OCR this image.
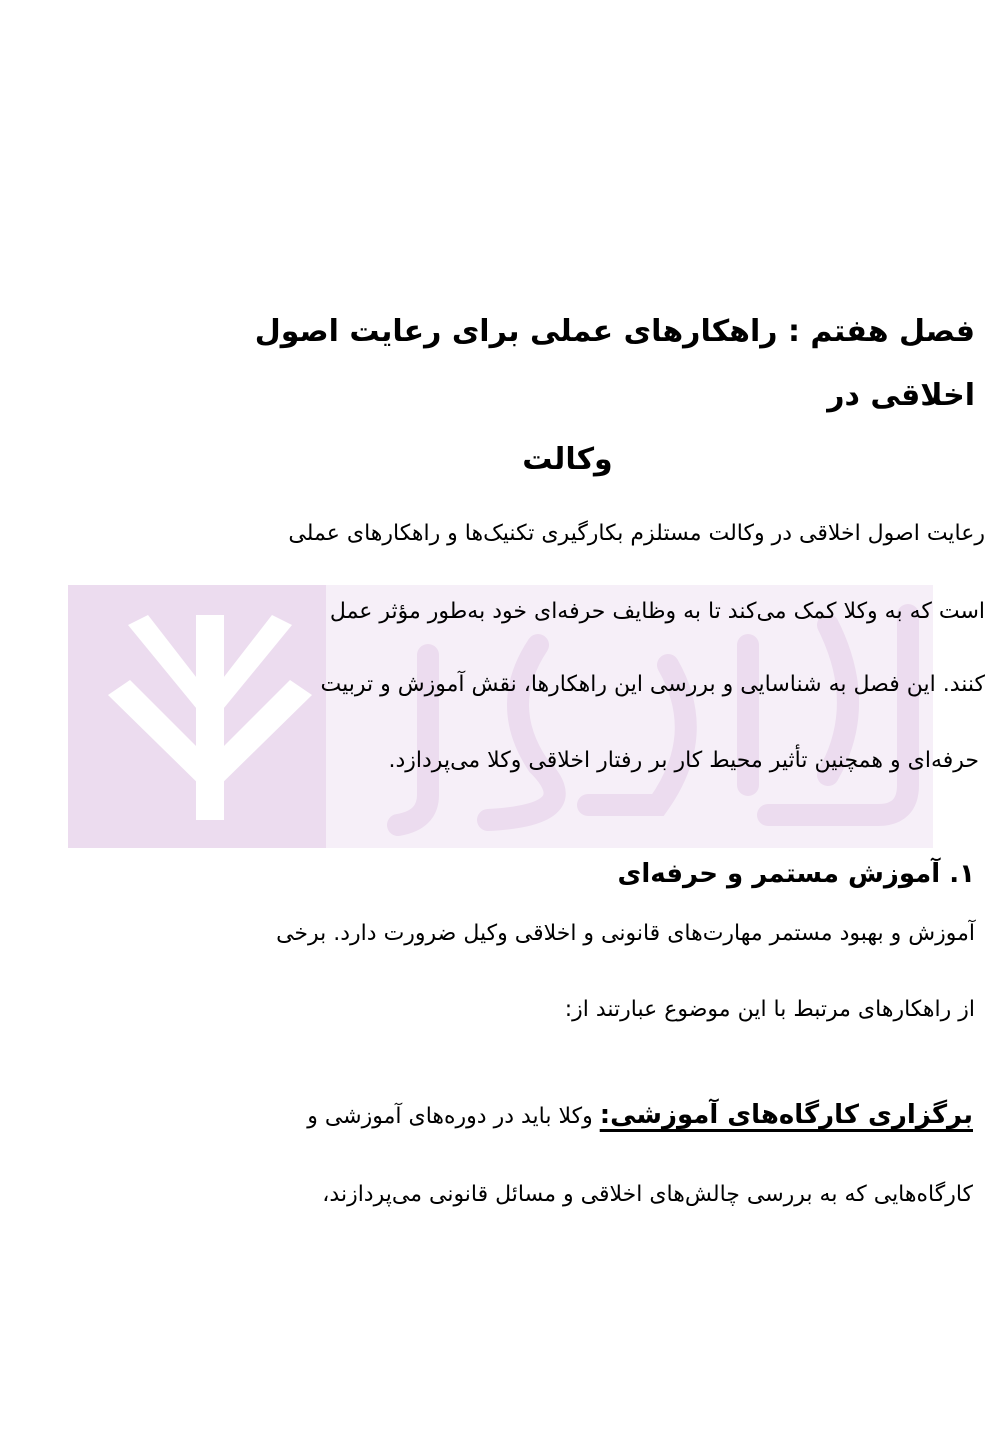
فصل هفتم : راهکارهای عملی برای رعایت اصول اخلاقی در
وکالت

رعایت اصول اخلاقی در وکالت مستلزم بکارگیری تکنیک‌ها و راهکارهای عملی

است که به وکلا کمک می‌کند تا به وظایف حرفه‌ای خود به‌طور مؤثر عمل

کنند. این فصل به شناسایی و بررسی این راهکارها، نقش آموزش و تربیت

حرفه‌ای و همچنین تأثیر محیط کار بر رفتار اخلاقی وکلا می‌پردازد.

۱. آموزش مستمر و حرفه‌ای

آموزش و بهبود مستمر مهارت‌های قانونی و اخلاقی وکیل ضرورت دارد. برخی

از راهکارهای مرتبط با این موضوع عبارتند از:

برگزاری کارگاه‌های آموزشی: وکلا باید در دوره‌های آموزشی و

کارگاه‌هایی که به بررسی چالش‌های اخلاقی و مسائل قانونی می‌پردازند،
